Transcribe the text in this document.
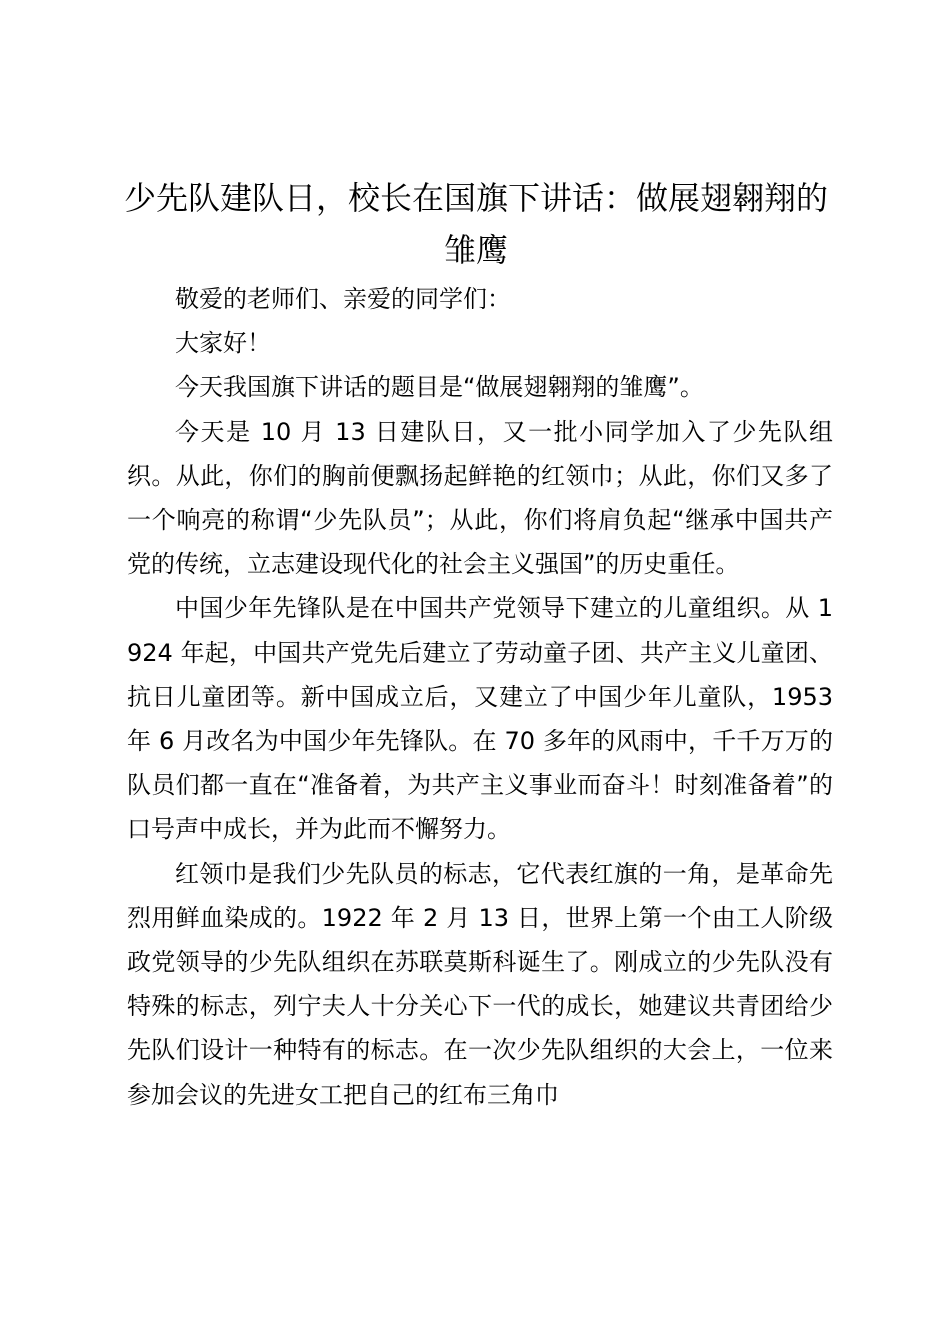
少先队建队日，校长在国旗下讲话：做展翅翱翔的雏鹰

敬爱的老师们、亲爱的同学们：

大家好！

今天我国旗下讲话的题目是“做展翅翱翔的雏鹰”。

今天是 10 月 13 日建队日，又一批小同学加入了少先队组织。从此，你们的胸前便飘扬起鲜艳的红领巾；从此，你们又多了一个响亮的称谓“少先队员”；从此，你们将肩负起“继承中国共产党的传统，立志建设现代化的社会主义强国”的历史重任。

中国少年先锋队是在中国共产党领导下建立的儿童组织。从 1924 年起，中国共产党先后建立了劳动童子团、共产主义儿童团、抗日儿童团等。新中国成立后，又建立了中国少年儿童队，1953 年 6 月改名为中国少年先锋队。在 70 多年的风雨中，千千万万的队员们都一直在“准备着，为共产主义事业而奋斗！时刻准备着”的口号声中成长，并为此而不懈努力。

红领巾是我们少先队员的标志，它代表红旗的一角，是革命先烈用鲜血染成的。1922 年 2 月 13 日，世界上第一个由工人阶级政党领导的少先队组织在苏联莫斯科诞生了。刚成立的少先队没有特殊的标志，列宁夫人十分关心下一代的成长，她建议共青团给少先队们设计一种特有的标志。在一次少先队组织的大会上，一位来参加会议的先进女工把自己的红布三角巾
